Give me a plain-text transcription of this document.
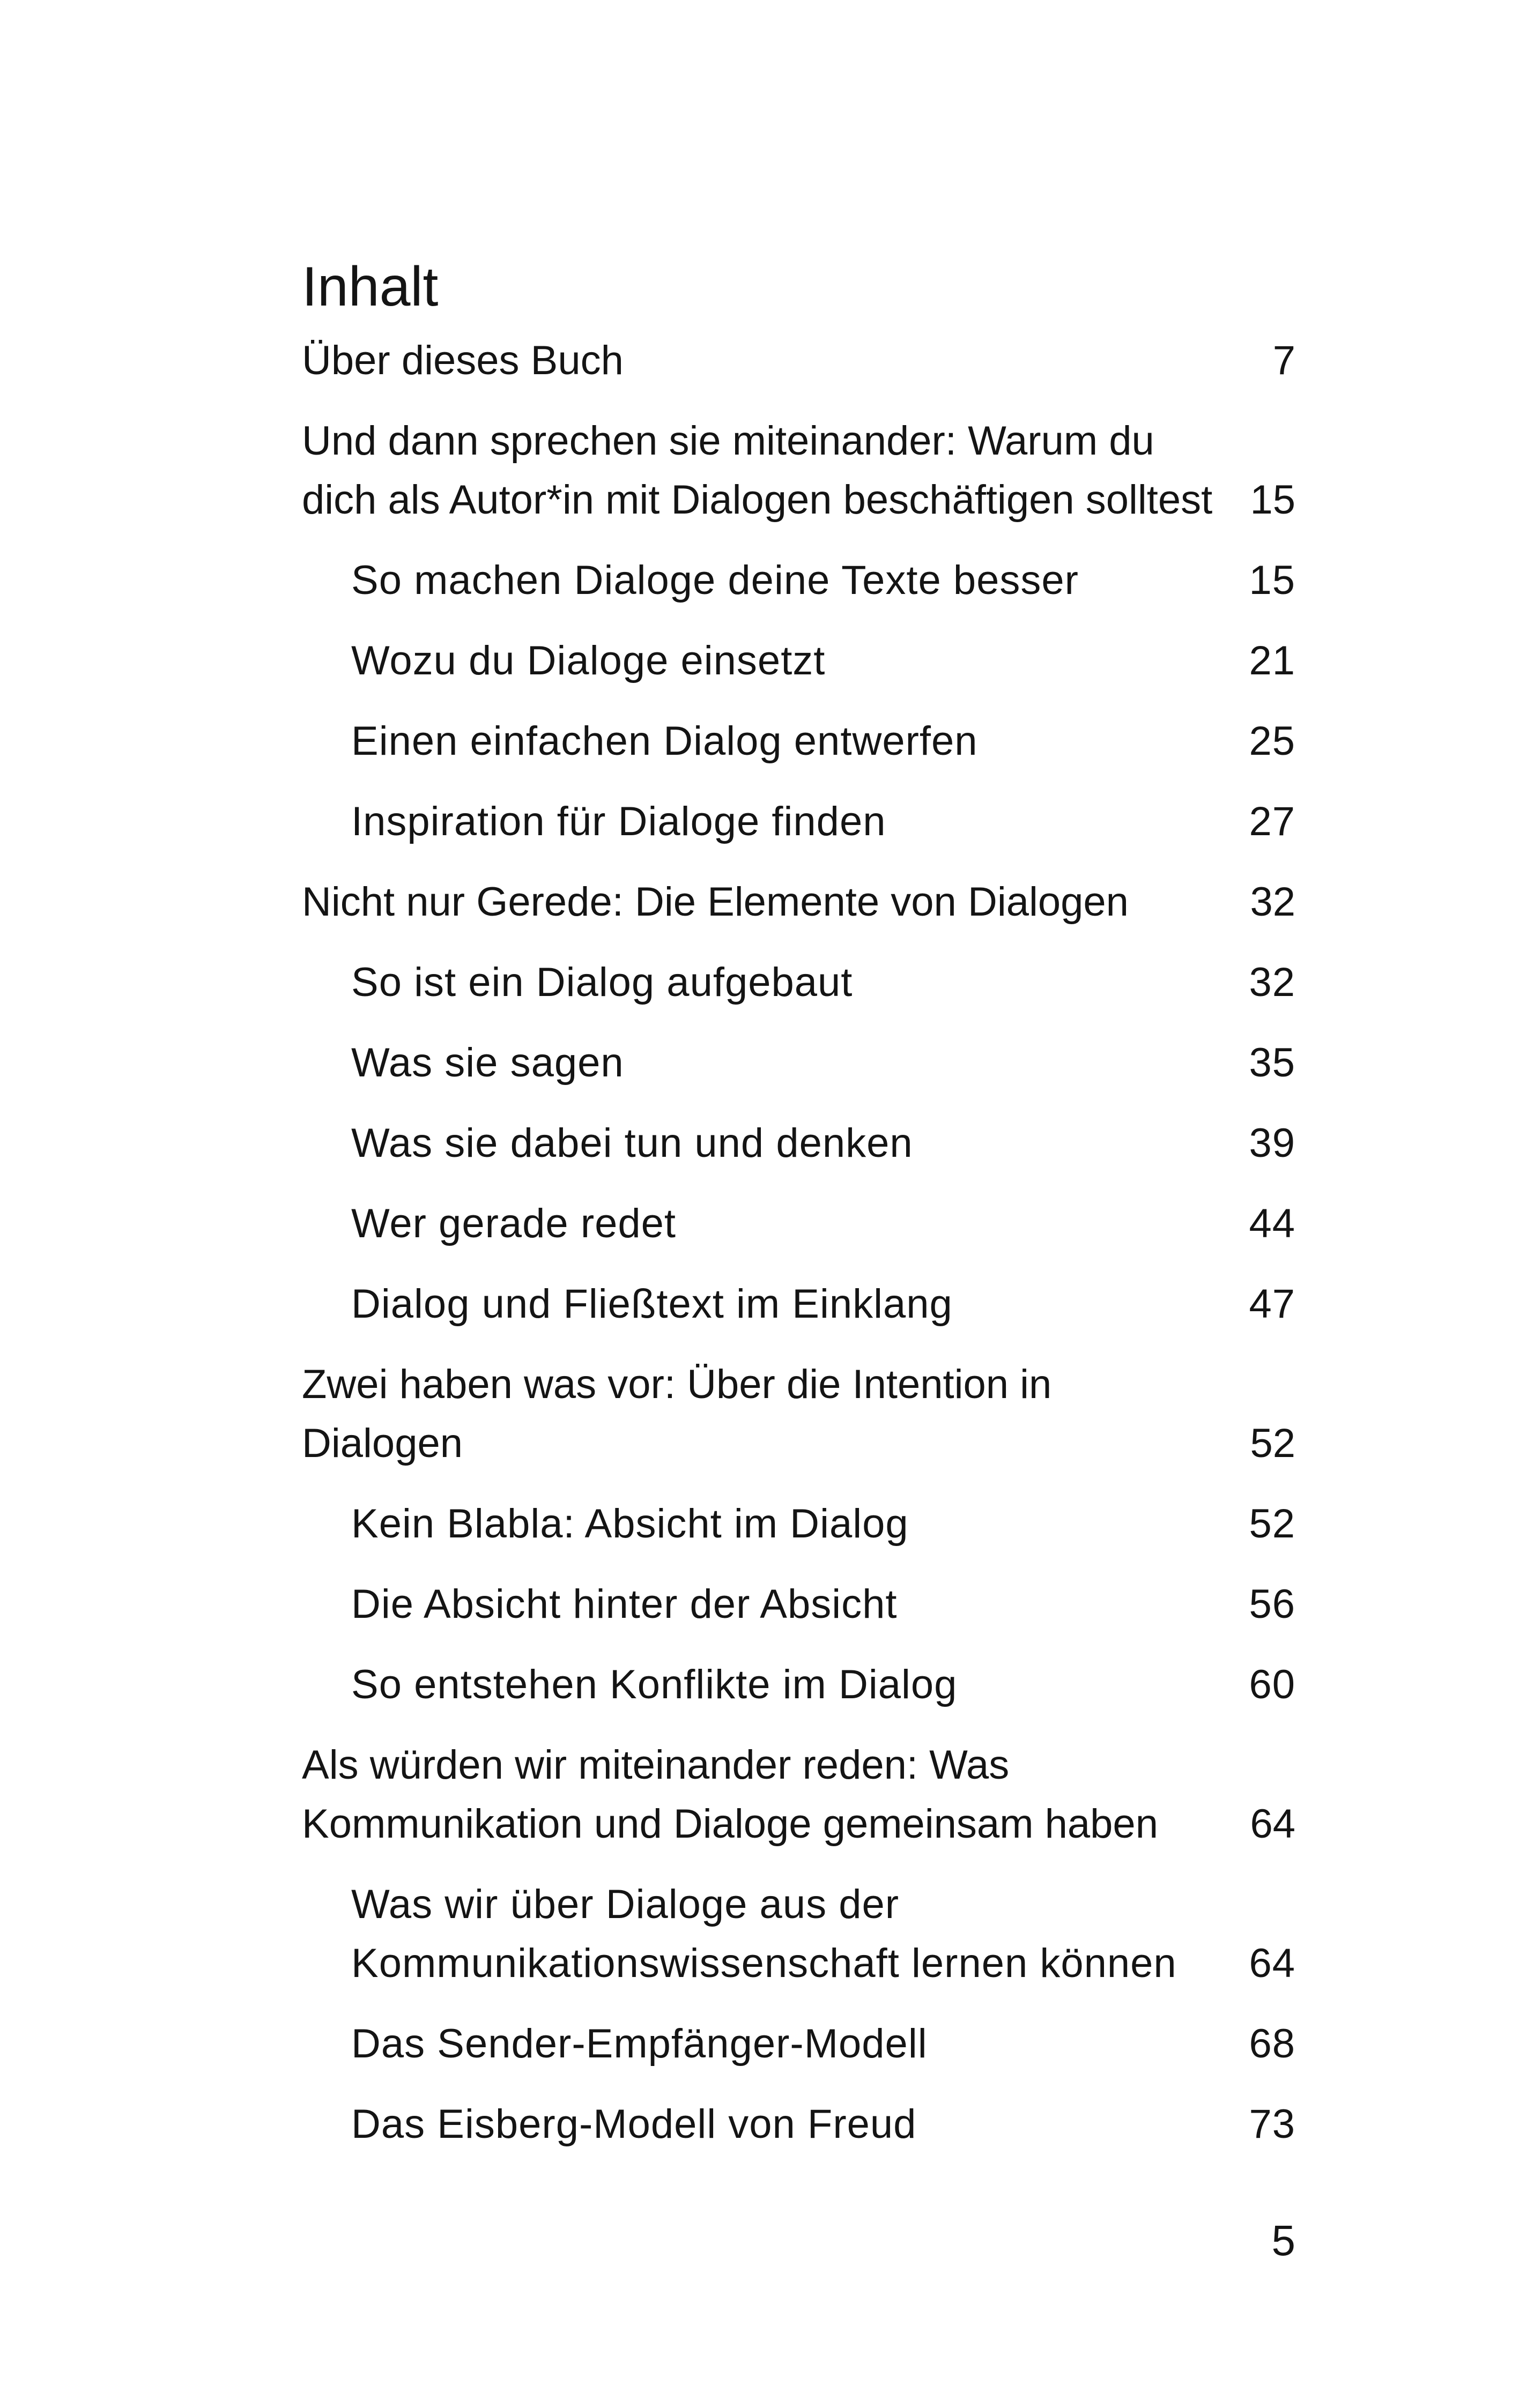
Inhalt
Über dieses Buch	7
Und dann sprechen sie miteinander: Warum du dich als Autor*in mit Dialogen beschäftigen solltest 15
So machen Dialoge deine Texte besser	15
Wozu du Dialoge einsetzt	21
Einen einfachen Dialog entwerfen	25
Inspiration für Dialoge finden	27
Nicht nur Gerede: Die Elemente von Dialogen	32
So ist ein Dialog aufgebaut	32
Was sie sagen	35
Was sie dabei tun und denken	39
Wer gerade redet	44
Dialog und Fließtext im Einklang	47
Zwei haben was vor: Über die Intention in Dialogen	52
Kein Blabla: Absicht im Dialog	52
Die Absicht hinter der Absicht	56
So entstehen Konflikte im Dialog	60
Als würden wir miteinander reden: Was Kommunikation und Dialoge gemeinsam haben	64
Was wir über Dialoge aus der Kommunikationswissenschaft lernen können	64
Das Sender-Empfänger-Modell	68
Das Eisberg-Modell von Freud	73
5
